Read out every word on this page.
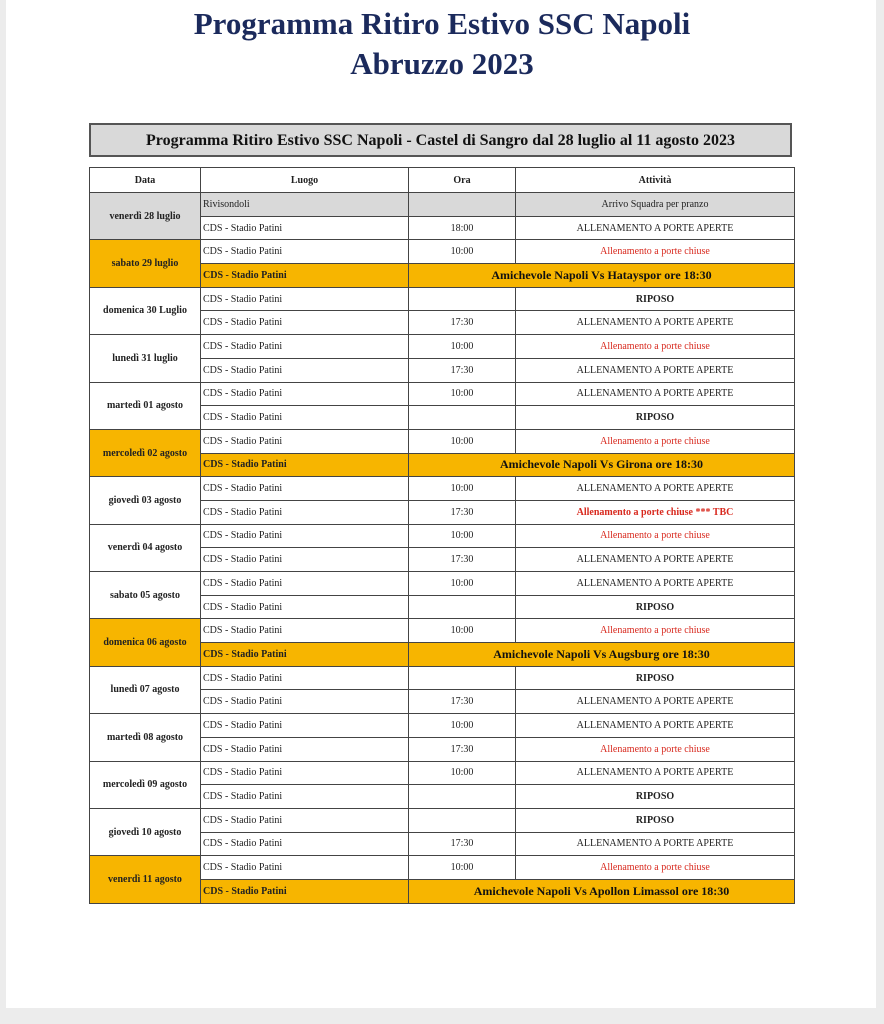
Programma Ritiro Estivo SSC Napoli
Abruzzo 2023
Programma Ritiro Estivo SSC Napoli - Castel di Sangro dal 28 luglio al 11 agosto 2023
Data	Luogo	Ora	Attività
venerdì 28 luglio	Rivisondoli		Arrivo Squadra per pranzo
	CDS - Stadio Patini	18:00	ALLENAMENTO A PORTE APERTE
sabato 29 luglio	CDS - Stadio Patini	10:00	Allenamento a porte chiuse
	CDS - Stadio Patini	Amichevole Napoli Vs Hatayspor ore 18:30	
domenica 30 Luglio	CDS - Stadio Patini		RIPOSO
	CDS - Stadio Patini	17:30	ALLENAMENTO A PORTE APERTE
lunedì 31 luglio	CDS - Stadio Patini	10:00	Allenamento a porte chiuse
	CDS - Stadio Patini	17:30	ALLENAMENTO A PORTE APERTE
martedì 01 agosto	CDS - Stadio Patini	10:00	ALLENAMENTO A PORTE APERTE
	CDS - Stadio Patini		RIPOSO
mercoledì 02 agosto	CDS - Stadio Patini	10:00	Allenamento a porte chiuse
	CDS - Stadio Patini	Amichevole Napoli Vs Girona ore 18:30	
giovedì 03 agosto	CDS - Stadio Patini	10:00	ALLENAMENTO A PORTE APERTE
	CDS - Stadio Patini	17:30	Allenamento a porte chiuse *** TBC
venerdì 04 agosto	CDS - Stadio Patini	10:00	Allenamento a porte chiuse
	CDS - Stadio Patini	17:30	ALLENAMENTO A PORTE APERTE
sabato 05 agosto	CDS - Stadio Patini	10:00	ALLENAMENTO A PORTE APERTE
	CDS - Stadio Patini		RIPOSO
domenica 06 agosto	CDS - Stadio Patini	10:00	Allenamento a porte chiuse
	CDS - Stadio Patini	Amichevole Napoli Vs Augsburg ore 18:30	
lunedì 07 agosto	CDS - Stadio Patini		RIPOSO
	CDS - Stadio Patini	17:30	ALLENAMENTO A PORTE APERTE
martedì 08 agosto	CDS - Stadio Patini	10:00	ALLENAMENTO A PORTE APERTE
	CDS - Stadio Patini	17:30	Allenamento a porte chiuse
mercoledì 09 agosto	CDS - Stadio Patini	10:00	ALLENAMENTO A PORTE APERTE
	CDS - Stadio Patini		RIPOSO
giovedì 10 agosto	CDS - Stadio Patini		RIPOSO
	CDS - Stadio Patini	17:30	ALLENAMENTO A PORTE APERTE
venerdì 11 agosto	CDS - Stadio Patini	10:00	Allenamento a porte chiuse
	CDS - Stadio Patini	Amichevole Napoli Vs Apollon Limassol ore 18:30	
